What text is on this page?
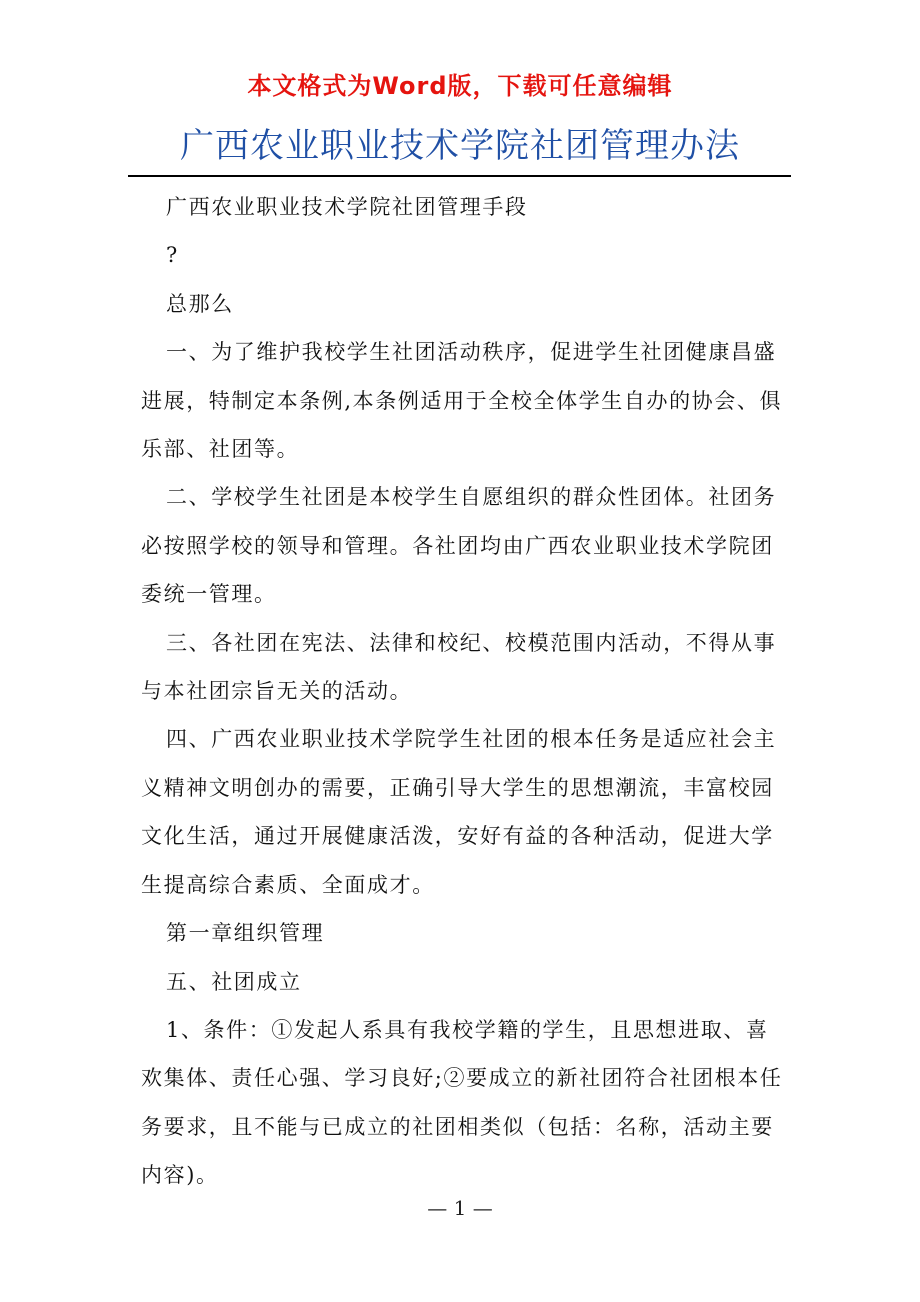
本文格式为Word版，下载可任意编辑
广西农业职业技术学院社团管理办法

广西农业职业技术学院社团管理手段

?

总那么

一、为了维护我校学生社团活动秩序，促进学生社团健康昌盛进展，特制定本条例,本条例适用于全校全体学生自办的协会、俱乐部、社团等。

二、学校学生社团是本校学生自愿组织的群众性团体。社团务必按照学校的领导和管理。各社团均由广西农业职业技术学院团委统一管理。

三、各社团在宪法、法律和校纪、校模范围内活动，不得从事与本社团宗旨无关的活动。

四、广西农业职业技术学院学生社团的根本任务是适应社会主义精神文明创办的需要，正确引导大学生的思想潮流，丰富校园文化生活，通过开展健康活泼，安好有益的各种活动，促进大学生提高综合素质、全面成才。

第一章组织管理

五、社团成立

1、条件：①发起人系具有我校学籍的学生，且思想进取、喜欢集体、责任心强、学习良好;②要成立的新社团符合社团根本任务要求，且不能与已成立的社团相类似（包括：名称，活动主要内容)。

— 1 —
